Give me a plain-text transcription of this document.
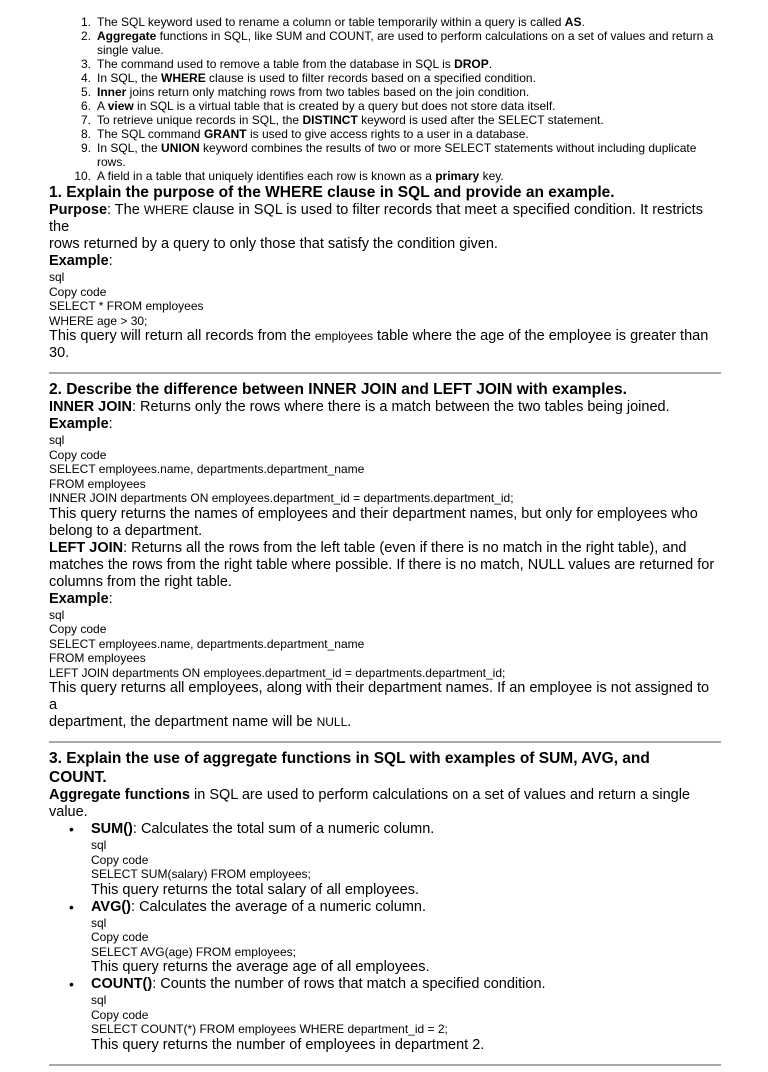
1. The SQL keyword used to rename a column or table temporarily within a query is called AS.
2. Aggregate functions in SQL, like SUM and COUNT, are used to perform calculations on a set of values and return a
single value.
3. The command used to remove a table from the database in SQL is DROP.
4. In SQL, the WHERE clause is used to filter records based on a specified condition.
5. Inner joins return only matching rows from two tables based on the join condition.
6. A view in SQL is a virtual table that is created by a query but does not store data itself.
7. To retrieve unique records in SQL, the DISTINCT keyword is used after the SELECT statement.
8. The SQL command GRANT is used to give access rights to a user in a database.
9. In SQL, the UNION keyword combines the results of two or more SELECT statements without including duplicate rows.
10. A field in a table that uniquely identifies each row is known as a primary key.

1. Explain the purpose of the WHERE clause in SQL and provide an example.

Purpose: The WHERE clause in SQL is used to filter records that meet a specified condition. It restricts the
rows returned by a query to only those that satisfy the condition given.

Example:

sql

Copy code

SELECT * FROM employees

WHERE age > 30;

This query will return all records from the employees table where the age of the employee is greater than 30.

2. Describe the difference between INNER JOIN and LEFT JOIN with examples.

INNER JOIN: Returns only the rows where there is a match between the two tables being joined.

Example:

sql

Copy code

SELECT employees.name, departments.department_name

FROM employees

INNER JOIN departments ON employees.department_id = departments.department_id;

This query returns the names of employees and their department names, but only for employees who
belong to a department.

LEFT JOIN: Returns all the rows from the left table (even if there is no match in the right table), and
matches the rows from the right table where possible. If there is no match, NULL values are returned for
columns from the right table.

Example:

sql

Copy code

SELECT employees.name, departments.department_name

FROM employees

LEFT JOIN departments ON employees.department_id = departments.department_id;

This query returns all employees, along with their department names. If an employee is not assigned to a
department, the department name will be NULL.

3. Explain the use of aggregate functions in SQL with examples of SUM, AVG, and
COUNT.

Aggregate functions in SQL are used to perform calculations on a set of values and return a single value.

• SUM(): Calculates the total sum of a numeric column.

sql

Copy code

SELECT SUM(salary) FROM employees;

This query returns the total salary of all employees.

• AVG(): Calculates the average of a numeric column.

sql

Copy code

SELECT AVG(age) FROM employees;

This query returns the average age of all employees.

• COUNT(): Counts the number of rows that match a specified condition.

sql

Copy code

SELECT COUNT(*) FROM employees WHERE department_id = 2;

This query returns the number of employees in department 2.
